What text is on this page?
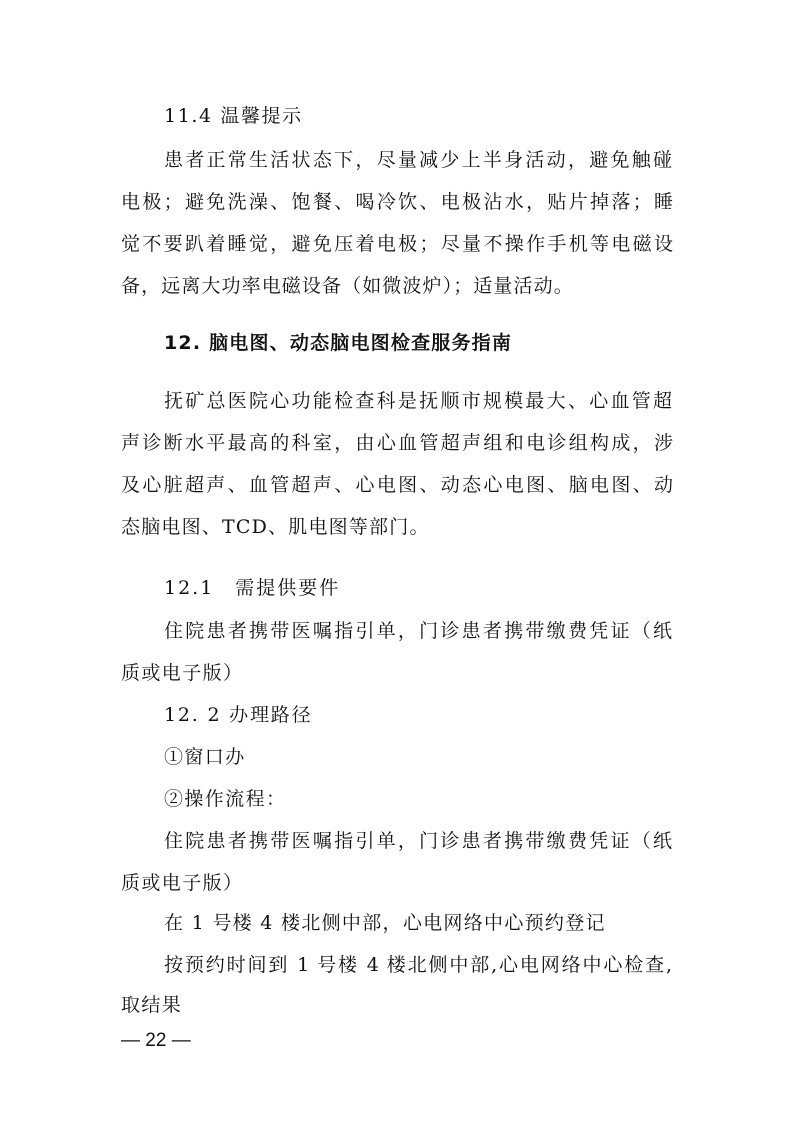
11.4 温馨提示
患者正常生活状态下，尽量减少上半身活动，避免触碰
电极；避免洗澡、饱餐、喝冷饮、电极沾水，贴片掉落；睡
觉不要趴着睡觉，避免压着电极；尽量不操作手机等电磁设
备，远离大功率电磁设备（如微波炉）；适量活动。
12. 脑电图、动态脑电图检查服务指南
抚矿总医院心功能检查科是抚顺市规模最大、心血管超
声诊断水平最高的科室，由心血管超声组和电诊组构成，涉
及心脏超声、血管超声、心电图、动态心电图、脑电图、动
态脑电图、TCD、肌电图等部门。
12.1　需提供要件
住院患者携带医嘱指引单，门诊患者携带缴费凭证（纸
质或电子版）
12. 2 办理路径
①窗口办
②操作流程：
住院患者携带医嘱指引单，门诊患者携带缴费凭证（纸
质或电子版）
在 1 号楼 4 楼北侧中部，心电网络中心预约登记
按预约时间到 1 号楼 4 楼北侧中部,心电网络中心检查,
取结果
— 22 —
